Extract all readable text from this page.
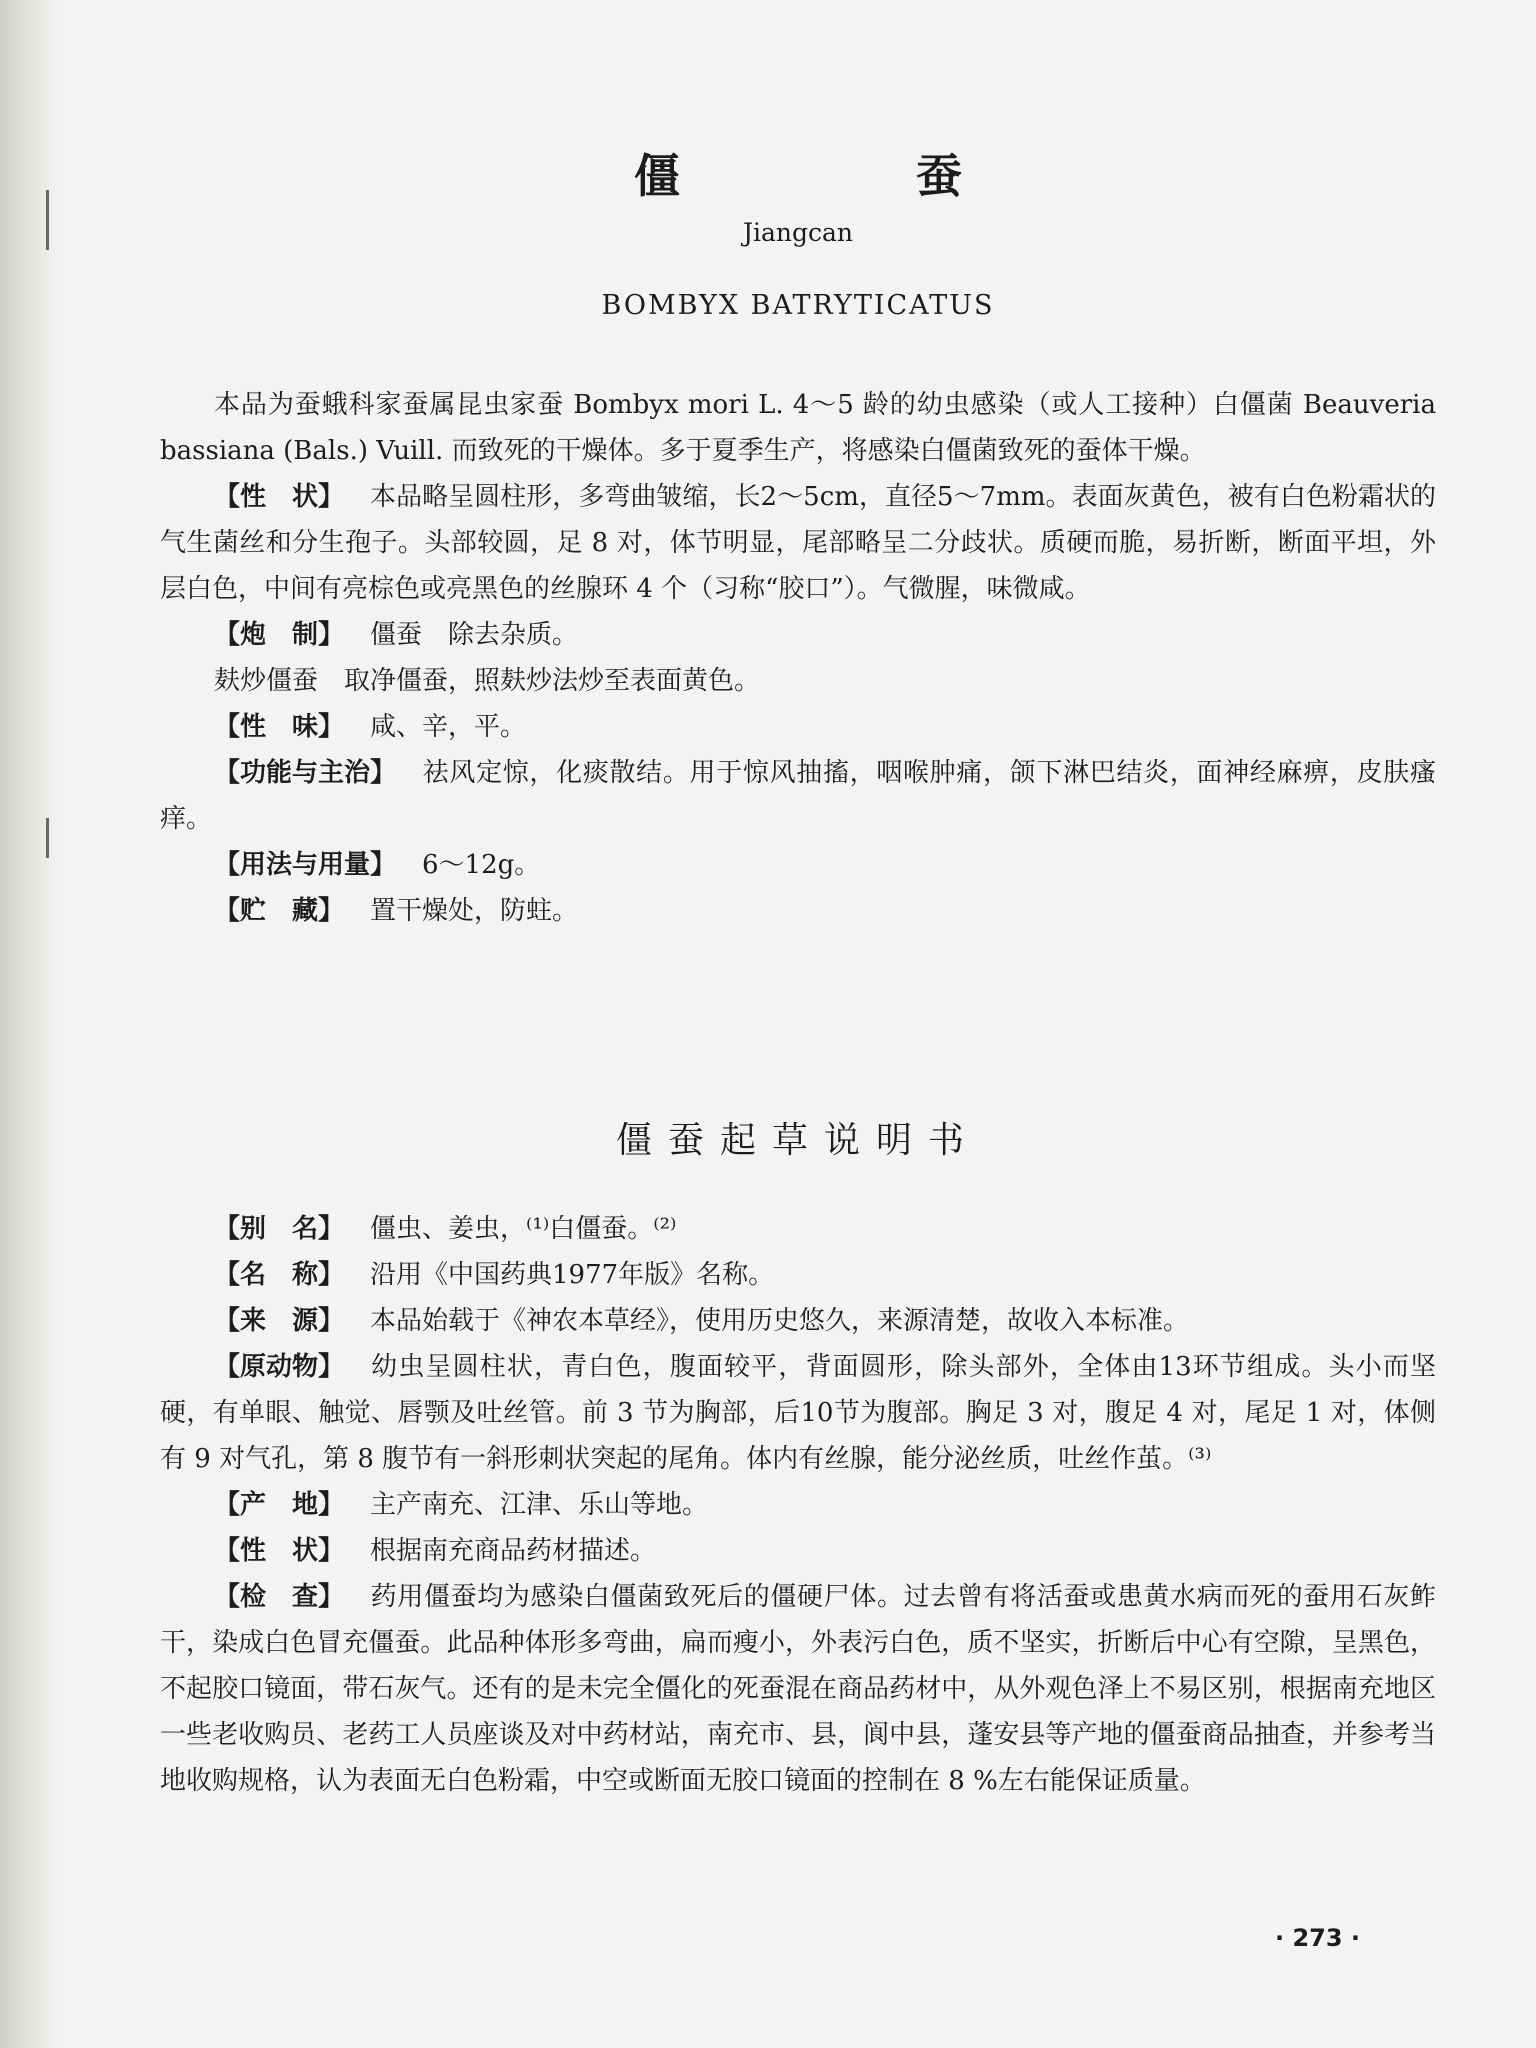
僵 蚕
Jiangcan
BOMBYX BATRYTICATUS

本品为蚕蛾科家蚕属昆虫家蚕 Bombyx mori L. 4～5 龄的幼虫感染（或人工接种）白僵菌 Beauveria bassiana (Bals.) Vuill. 而致死的干燥体。多于夏季生产，将感染白僵菌致死的蚕体干燥。

【性　状】 本品略呈圆柱形，多弯曲皱缩，长2～5cm，直径5～7mm。表面灰黄色，被有白色粉霜状的气生菌丝和分生孢子。头部较圆，足 8 对，体节明显，尾部略呈二分歧状。质硬而脆，易折断，断面平坦，外层白色，中间有亮棕色或亮黑色的丝腺环 4 个（习称“胶口”）。气微腥，味微咸。

【炮　制】 僵蚕　除去杂质。

麸炒僵蚕　取净僵蚕，照麸炒法炒至表面黄色。

【性　味】 咸、辛，平。

【功能与主治】 祛风定惊，化痰散结。用于惊风抽搐，咽喉肿痛，颌下淋巴结炎，面神经麻痹，皮肤瘙痒。

【用法与用量】 6～12g。

【贮　藏】 置干燥处，防蛀。

僵蚕起草说明书

【别　名】 僵虫、姜虫，⁽¹⁾白僵蚕。⁽²⁾

【名　称】 沿用《中国药典1977年版》名称。

【来　源】 本品始载于《神农本草经》，使用历史悠久，来源清楚，故收入本标准。

【原动物】 幼虫呈圆柱状，青白色，腹面较平，背面圆形，除头部外，全体由13环节组成。头小而坚硬，有单眼、触觉、唇颚及吐丝管。前 3 节为胸部，后10节为腹部。胸足 3 对，腹足 4 对，尾足 1 对，体侧有 9 对气孔，第 8 腹节有一斜形刺状突起的尾角。体内有丝腺，能分泌丝质，吐丝作茧。⁽³⁾

【产　地】 主产南充、江津、乐山等地。

【性　状】 根据南充商品药材描述。

【检　查】 药用僵蚕均为感染白僵菌致死后的僵硬尸体。过去曾有将活蚕或患黄水病而死的蚕用石灰鲊干，染成白色冒充僵蚕。此品种体形多弯曲，扁而瘦小，外表污白色，质不坚实，折断后中心有空隙，呈黑色，不起胶口镜面，带石灰气。还有的是未完全僵化的死蚕混在商品药材中，从外观色泽上不易区别，根据南充地区一些老收购员、老药工人员座谈及对中药材站，南充市、县，阆中县，蓬安县等产地的僵蚕商品抽查，并参考当地收购规格，认为表面无白色粉霜，中空或断面无胶口镜面的控制在 8 %左右能保证质量。

· 273 ·
